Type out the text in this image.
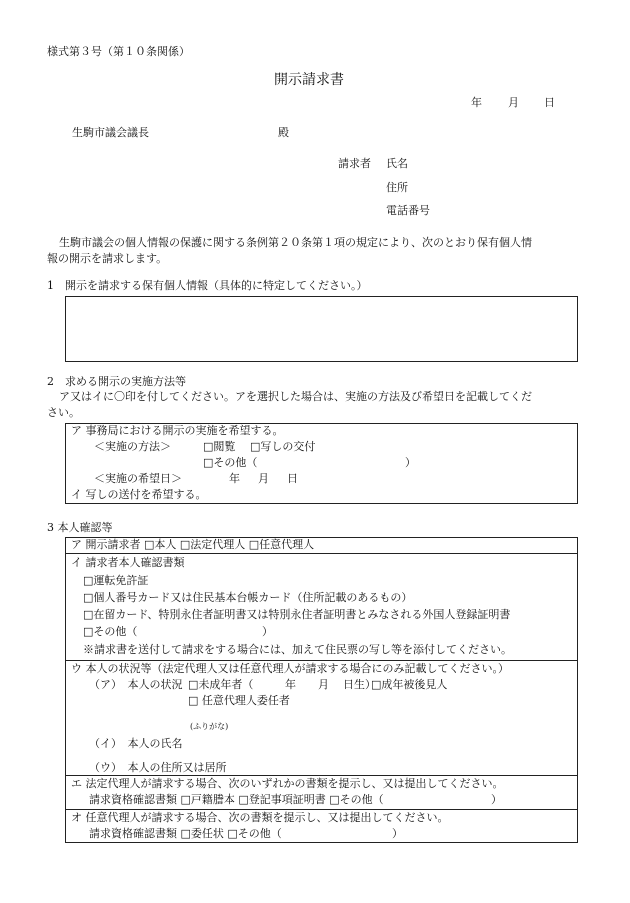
様式第３号（第１０条関係）
開示請求書
年 月 日
生駒市議会議長	殿
請求者 氏名
住所
電話番号
生駒市議会の個人情報の保護に関する条例第２０条第１項の規定により、次のとおり保有個人情
報の開示を請求します。
1　開示を請求する保有個人情報（具体的に特定してください。）
2　求める開示の実施方法等
ア又はイに〇印を付してください。アを選択した場合は、実施の方法及び希望日を記載してくだ
さい。
ア 事務局における開示の実施を希望する。
＜実施の方法＞	□閲覧 □写しの交付
□その他（	）
＜実施の希望日＞	年 月 日
イ 写しの送付を希望する。
3 本人確認等
ア 開示請求者 □本人 □法定代理人 □任意代理人
イ 請求者本人確認書類
□運転免許証
□個人番号カード又は住民基本台帳カード（住所記載のあるもの）
□在留カード、特別永住者証明書又は特別永住者証明書とみなされる外国人登録証明書
□その他（	）
※請求書を送付して請求をする場合には、加えて住民票の写し等を添付してください。
ウ 本人の状況等（法定代理人又は任意代理人が請求する場合にのみ記載してください。）
（ア）　本人の状況 □未成年者（	年 月 日生）
□成年被後見人
□ 任意代理人委任者
(ふりがな)
（イ）　本人の氏名
（ウ）　本人の住所又は居所
エ 法定代理人が請求する場合、次のいずれかの書類を提示し、又は提出してください。
請求資格確認書類 □戸籍謄本 □登記事項証明書 □その他（	）
オ 任意代理人が請求する場合、次の書類を提示し、又は提出してください。
請求資格確認書類 □委任状 □その他（	）
